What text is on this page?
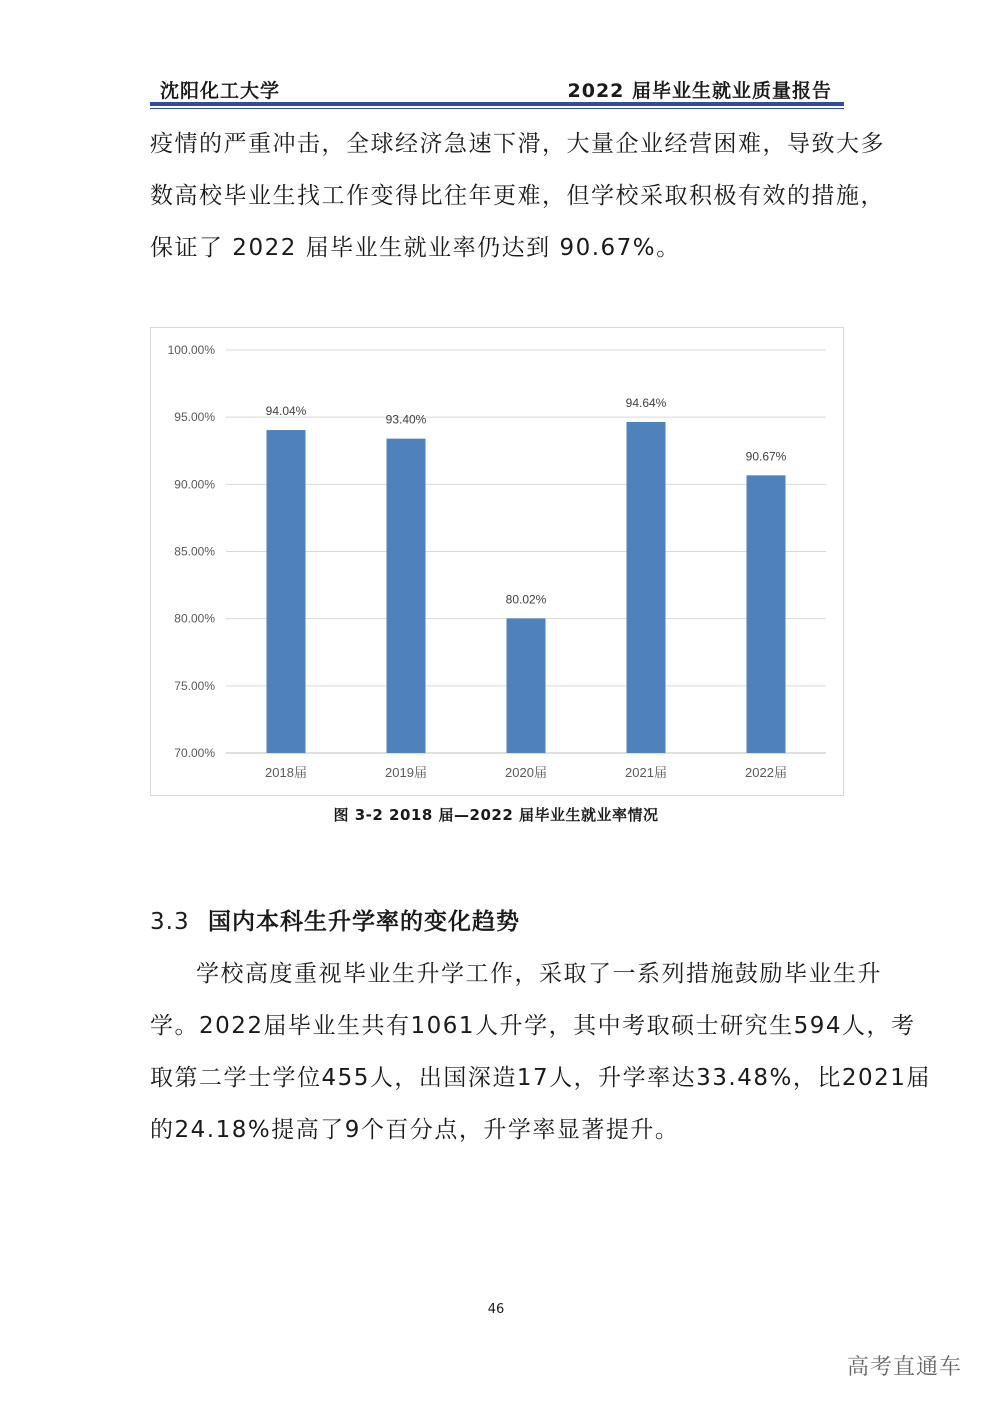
沈阳化工大学	2022 届毕业生就业质量报告
疫情的严重冲击，全球经济急速下滑，大量企业经营困难，导致大多
数高校毕业生找工作变得比往年更难，但学校采取积极有效的措施，
保证了 2022 届毕业生就业率仍达到 90.67%。
70.00%
75.00%
80.00%
85.00%
90.00%
95.00%
100.00%
94.04%
2018届
93.40%
2019届
80.02%
2020届
94.64%
2021届
90.67%
2022届
图 3-2 2018 届—2022 届毕业生就业率情况
3.3 国内本科生升学率的变化趋势
学校高度重视毕业生升学工作，采取了一系列措施鼓励毕业生升
学。2022届毕业生共有1061人升学，其中考取硕士研究生594人，考
取第二学士学位455人，出国深造17人，升学率达33.48%，比2021届
的24.18%提高了9个百分点，升学率显著提升。
46
高考直通车
